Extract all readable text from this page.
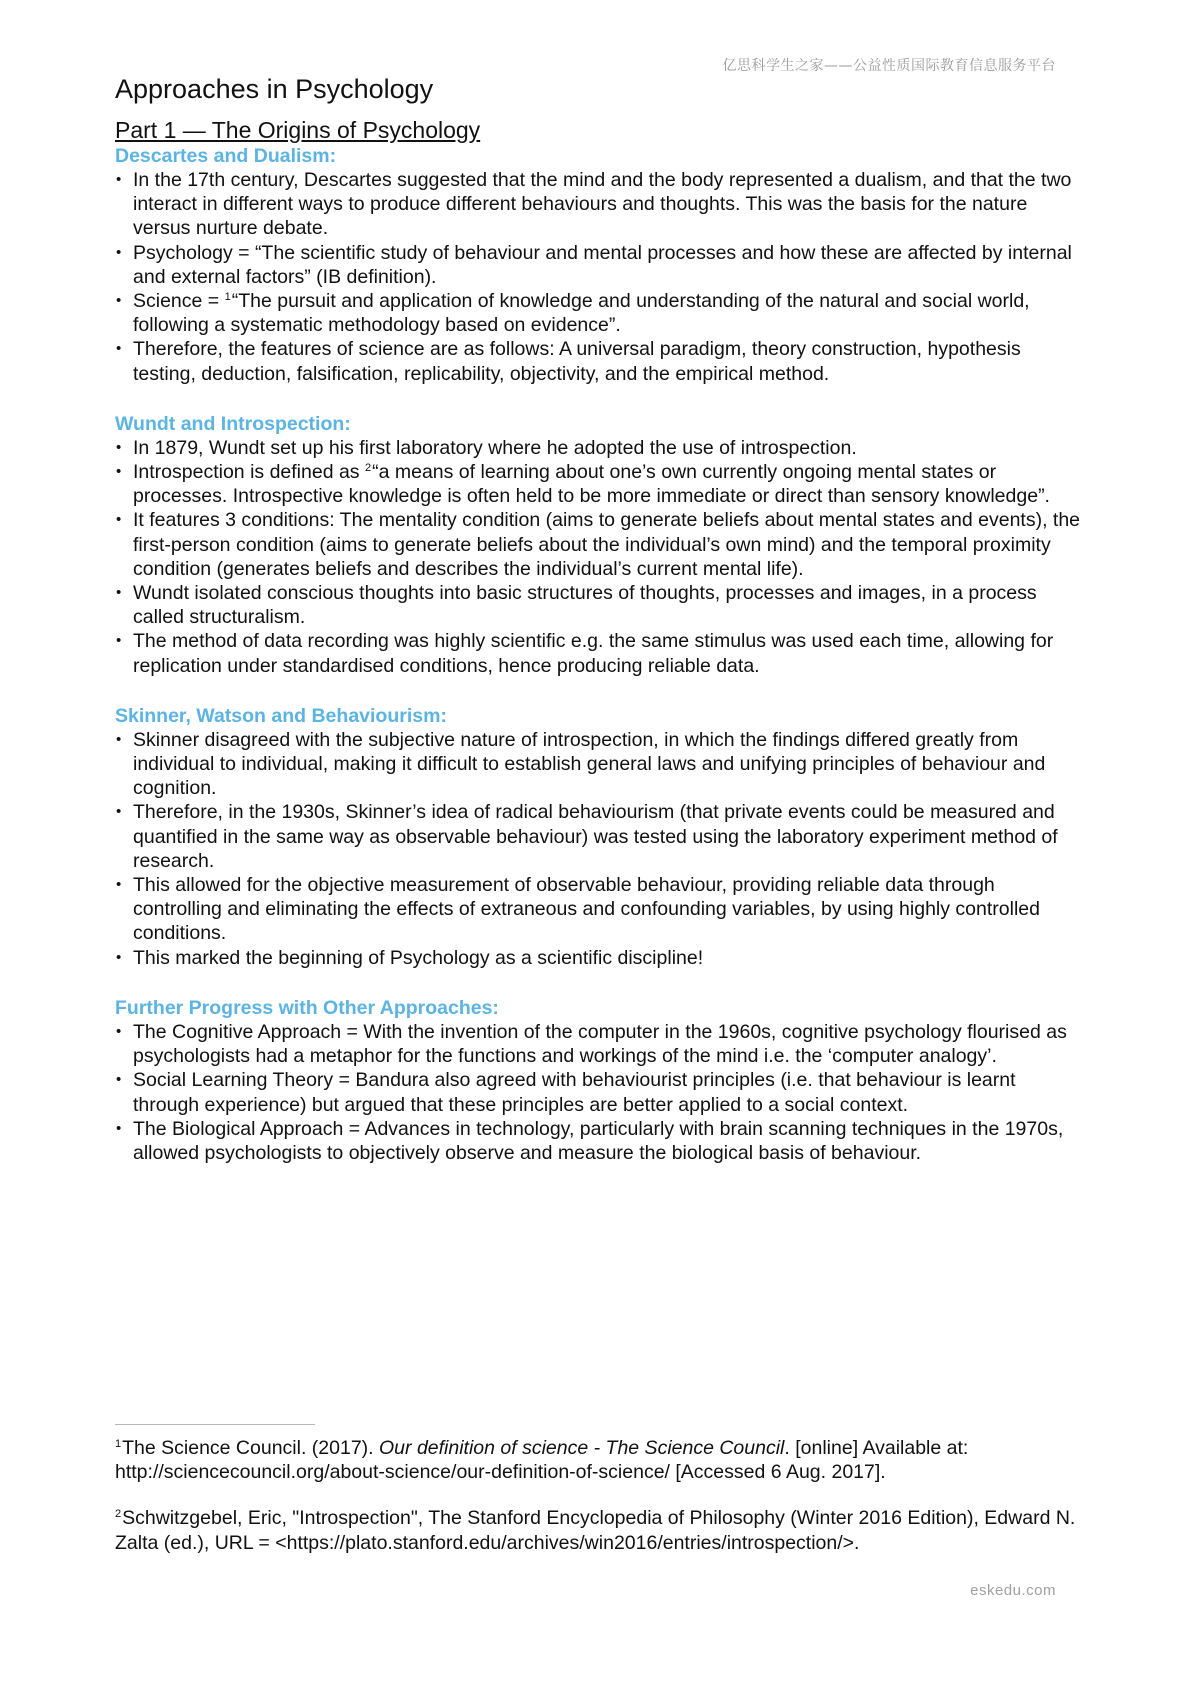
亿思科学生之家——公益性质国际教育信息服务平台
Approaches in Psychology
Part 1 — The Origins of Psychology
Descartes and Dualism:
• In the 17th century, Descartes suggested that the mind and the body represented a dualism, and that the two interact in different ways to produce different behaviours and thoughts. This was the basis for the nature versus nurture debate.
• Psychology = “The scientific study of behaviour and mental processes and how these are affected by internal and external factors” (IB definition).
• Science = $^1$“The pursuit and application of knowledge and understanding of the natural and social world, following a systematic methodology based on evidence”.
• Therefore, the features of science are as follows: A universal paradigm, theory construction, hypothesis testing, deduction, falsification, replicability, objectivity, and the empirical method.
Wundt and Introspection:
• In 1879, Wundt set up his first laboratory where he adopted the use of introspection.
• Introspection is defined as $^2$“a means of learning about one’s own currently ongoing mental states or processes. Introspective knowledge is often held to be more immediate or direct than sensory knowledge”.
• It features 3 conditions: The mentality condition (aims to generate beliefs about mental states and events), the first-person condition (aims to generate beliefs about the individual’s own mind) and the temporal proximity condition (generates beliefs and describes the individual’s current mental life).
• Wundt isolated conscious thoughts into basic structures of thoughts, processes and images, in a process called structuralism.
• The method of data recording was highly scientific e.g. the same stimulus was used each time, allowing for replication under standardised conditions, hence producing reliable data.
Skinner, Watson and Behaviourism:
• Skinner disagreed with the subjective nature of introspection, in which the findings differed greatly from individual to individual, making it difficult to establish general laws and unifying principles of behaviour and cognition.
• Therefore, in the 1930s, Skinner’s idea of radical behaviourism (that private events could be measured and quantified in the same way as observable behaviour) was tested using the laboratory experiment method of research.
• This allowed for the objective measurement of observable behaviour, providing reliable data through controlling and eliminating the effects of extraneous and confounding variables, by using highly controlled conditions.
• This marked the beginning of Psychology as a scientific discipline!
Further Progress with Other Approaches:
• The Cognitive Approach = With the invention of the computer in the 1960s, cognitive psychology flourised as psychologists had a metaphor for the functions and workings of the mind i.e. the ‘computer analogy’.
• Social Learning Theory = Bandura also agreed with behaviourist principles (i.e. that behaviour is learnt through experience) but argued that these principles are better applied to a social context.
• The Biological Approach = Advances in technology, particularly with brain scanning techniques in the 1970s, allowed psychologists to objectively observe and measure the biological basis of behaviour.

$^1$The Science Council. (2017). Our definition of science - The Science Council. [online] Available at: http://sciencecouncil.org/about-science/our-definition-of-science/ [Accessed 6 Aug. 2017].

$^2$Schwitzgebel, Eric, "Introspection", The Stanford Encyclopedia of Philosophy (Winter 2016 Edition), Edward N. Zalta (ed.), URL = <https://plato.stanford.edu/archives/win2016/entries/introspection/>.

eskedu.com
